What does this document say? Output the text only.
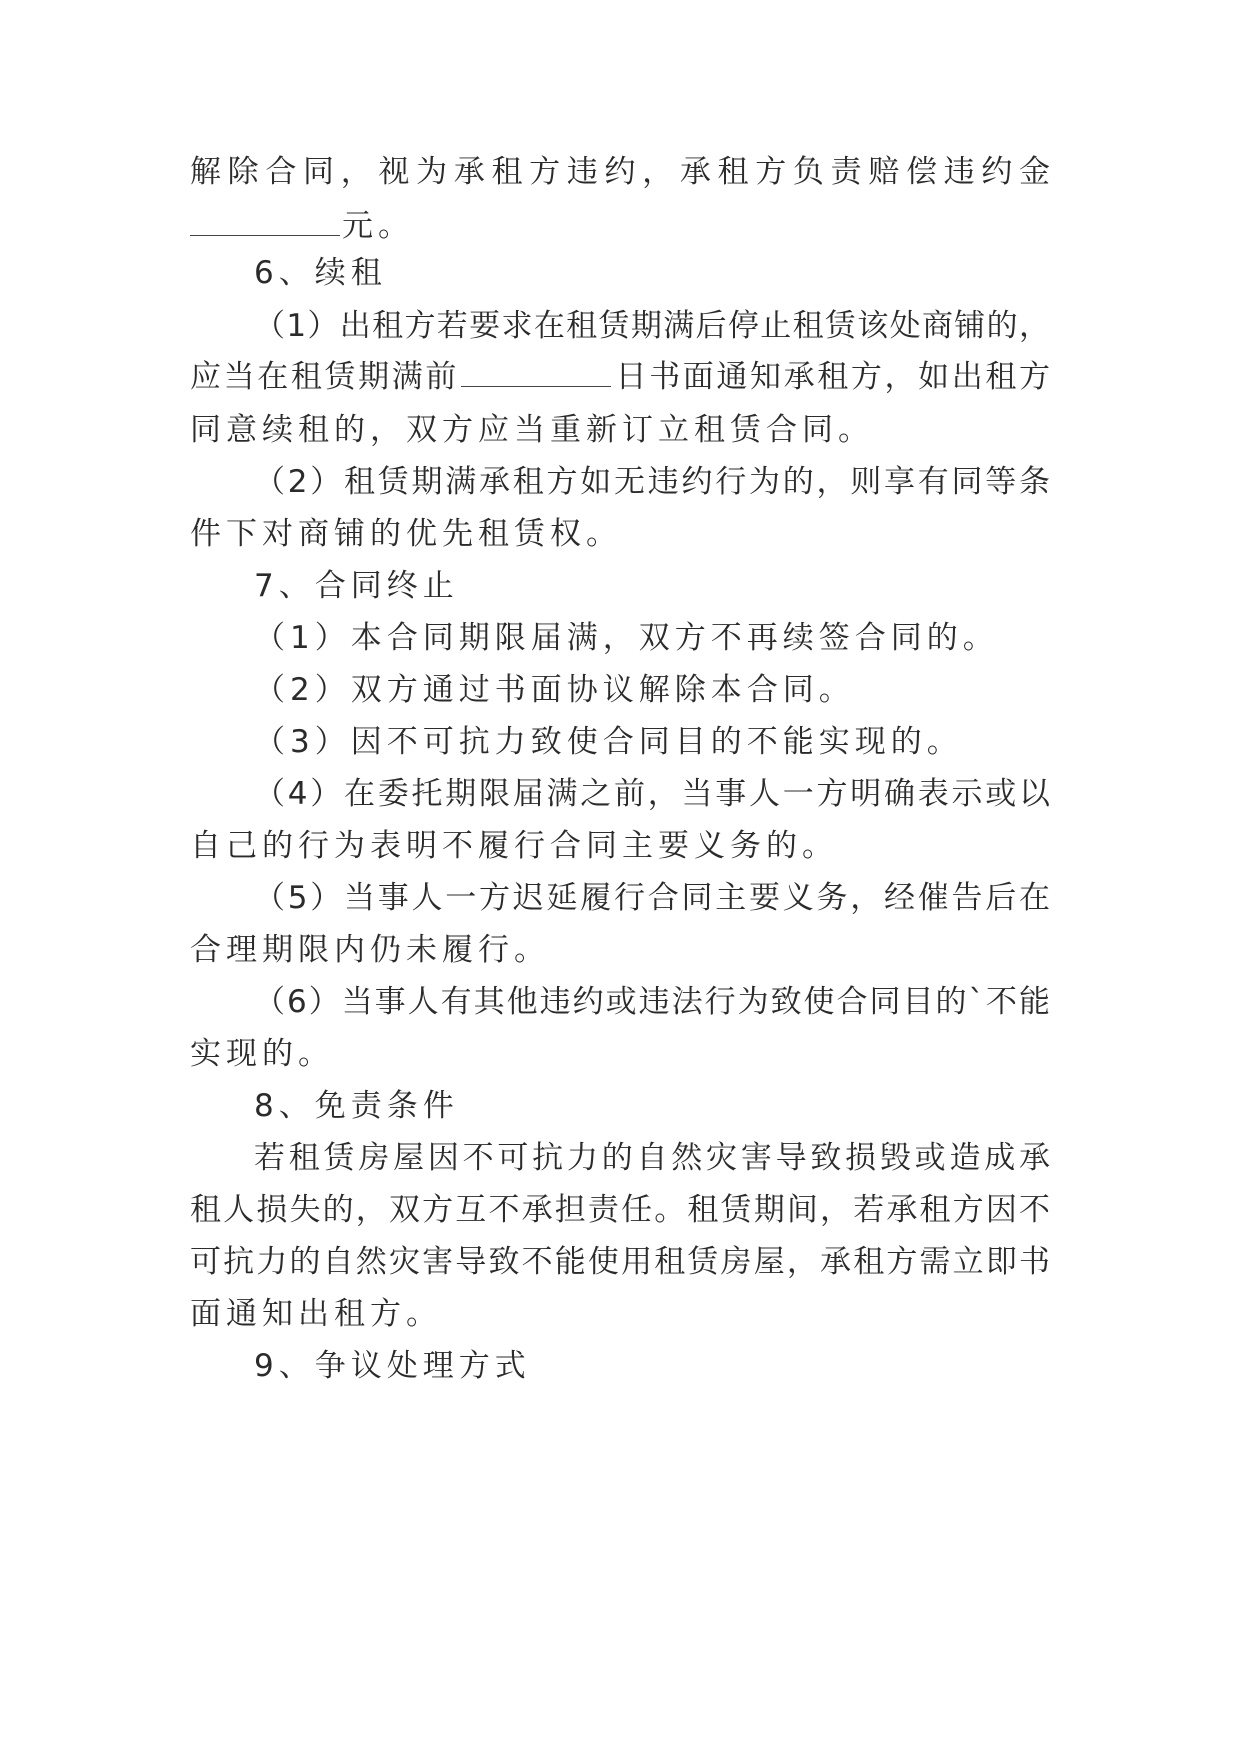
解除合同，视为承租方违约，承租方负责赔偿违约金
元。
6、续租
（1）出租方若要求在租赁期满后停止租赁该处商铺的，
应当在租赁期满前	日书面通知承租方，如出租方
同意续租的，双方应当重新订立租赁合同。
（2）租赁期满承租方如无违约行为的，则享有同等条
件下对商铺的优先租赁权。
7、合同终止
（1）本合同期限届满，双方不再续签合同的。
（2）双方通过书面协议解除本合同。
（3）因不可抗力致使合同目的不能实现的。
（4）在委托期限届满之前，当事人一方明确表示或以
自己的行为表明不履行合同主要义务的。
（5）当事人一方迟延履行合同主要义务，经催告后在
合理期限内仍未履行。
（6）当事人有其他违约或违法行为致使合同目的`不能
实现的。
8、免责条件
若租赁房屋因不可抗力的自然灾害导致损毁或造成承
租人损失的，双方互不承担责任。租赁期间，若承租方因不
可抗力的自然灾害导致不能使用租赁房屋，承租方需立即书
面通知出租方。
9、争议处理方式
